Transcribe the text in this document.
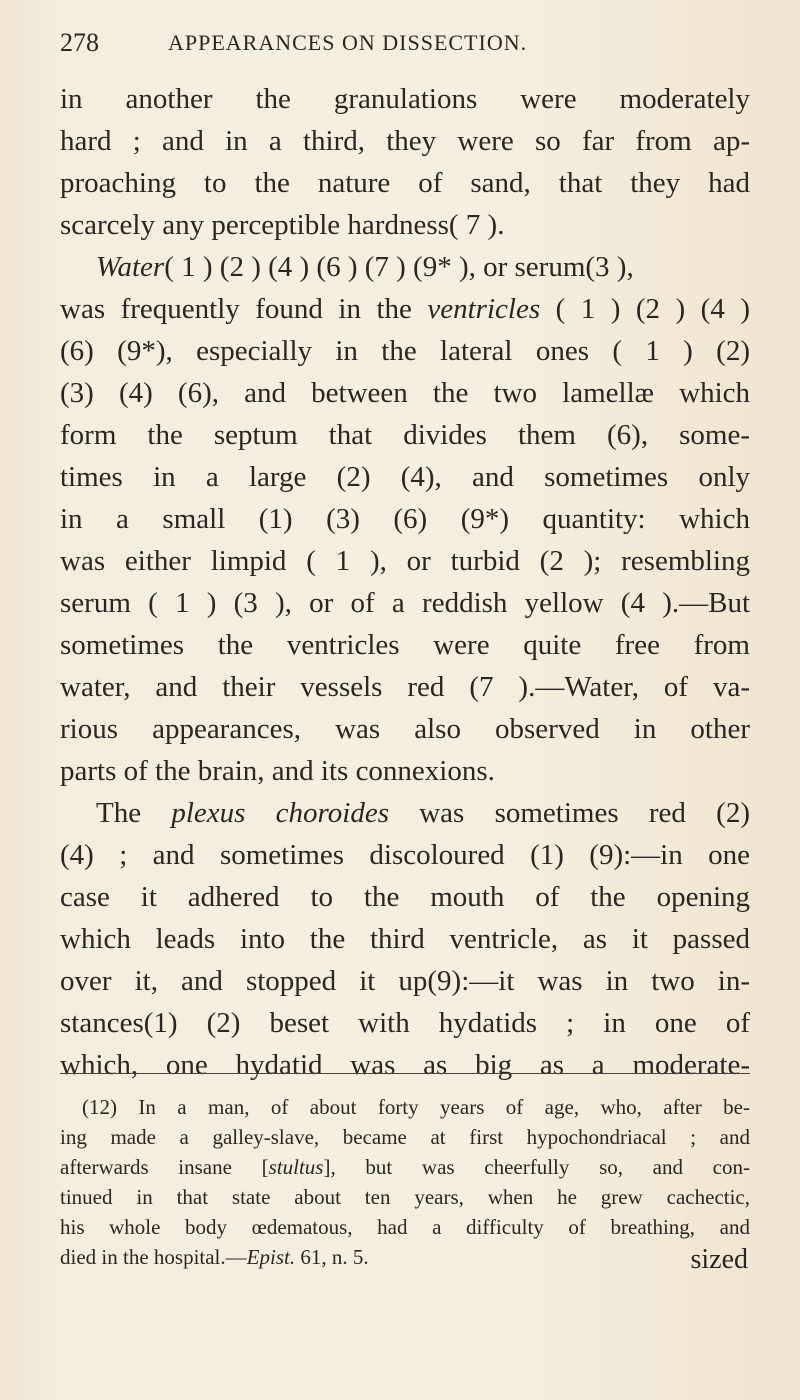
278	APPEARANCES ON DISSECTION.
in another the granulations were moderately
hard ; and in a third, they were so far from ap-
proaching to the nature of sand, that they had
scarcely any perceptible hardness( 7 ).
Water( 1 ) (2 ) (4 ) (6 ) (7 ) (9* ), or serum(3 ),
was frequently found in the ventricles ( 1 ) (2 ) (4 )
(6) (9*), especially in the lateral ones ( 1 ) (2)
(3) (4) (6), and between the two lamellæ which
form the septum that divides them (6), some-
times in a large (2) (4), and sometimes only
in a small (1) (3) (6) (9*) quantity: which
was either limpid ( 1 ), or turbid (2 ); resembling
serum ( 1 ) (3 ), or of a reddish yellow (4 ).—But
sometimes the ventricles were quite free from
water, and their vessels red (7 ).—Water, of va-
rious appearances, was also observed in other
parts of the brain, and its connexions.
The plexus choroides was sometimes red (2)
(4) ; and sometimes discoloured (1) (9):—in one
case it adhered to the mouth of the opening
which leads into the third ventricle, as it passed
over it, and stopped it up(9):—it was in two in-
stances(1) (2) beset with hydatids ; in one of
which, one hydatid was as big as a moderate-
(12) In a man, of about forty years of age, who, after be-
ing made a galley-slave, became at first hypochondriacal ; and
afterwards insane [stultus], but was cheerfully so, and con-
tinued in that state about ten years, when he grew cachectic,
his whole body œdematous, had a difficulty of breathing, and
died in the hospital.—Epist. 61, n. 5.	sized
